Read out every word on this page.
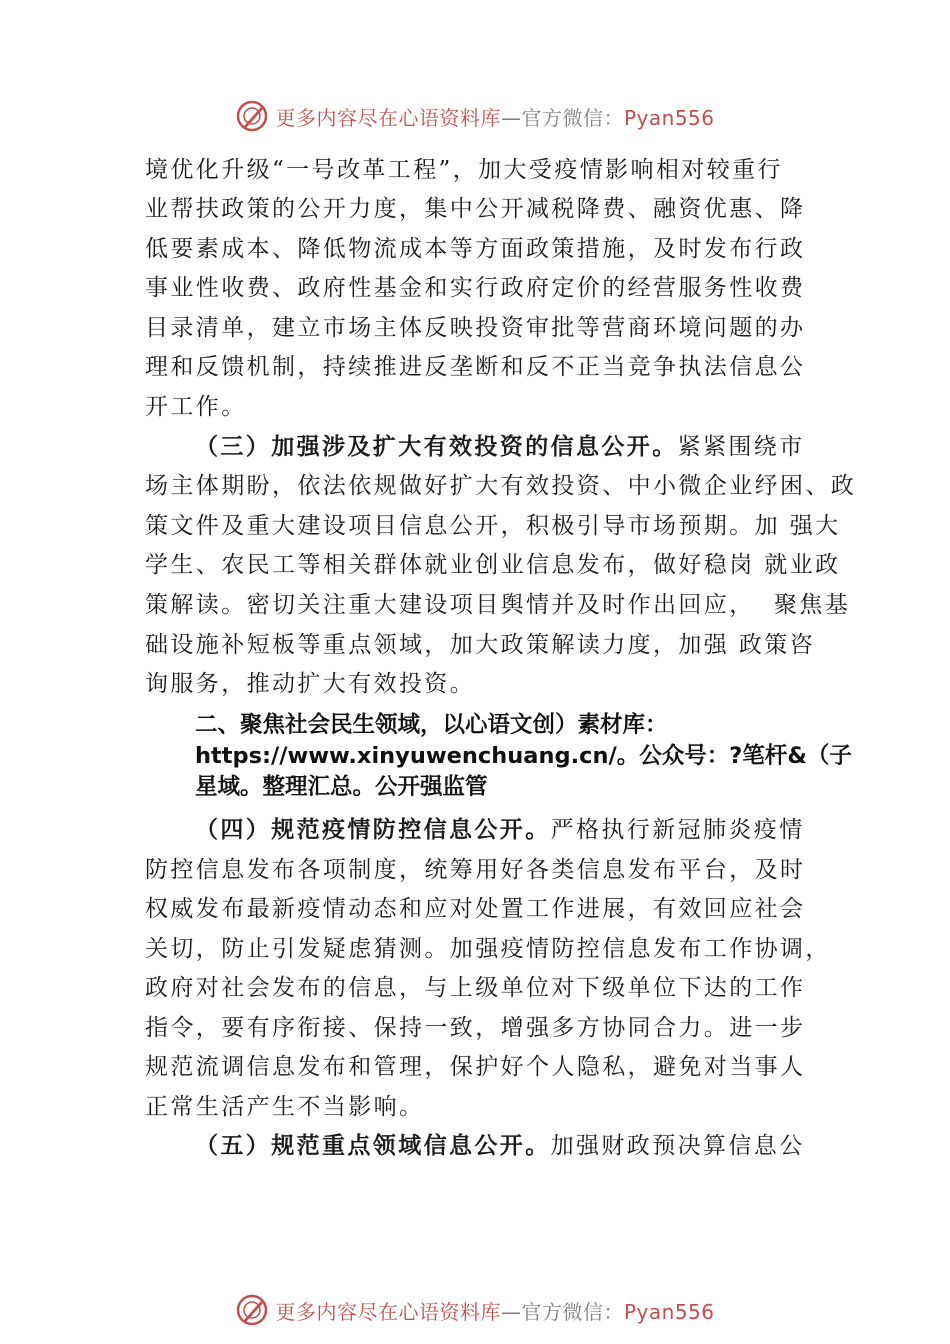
更多内容尽在心语资料库—官方微信：Pyan556
境优化升级“一号改革工程”，加大受疫情影响相对较重行
业帮扶政策的公开力度，集中公开减税降费、融资优惠、降
低要素成本、降低物流成本等方面政策措施，及时发布行政
事业性收费、政府性基金和实行政府定价的经营服务性收费
目录清单，建立市场主体反映投资审批等营商环境问题的办
理和反馈机制，持续推进反垄断和反不正当竞争执法信息公
开工作。
（三）加强涉及扩大有效投资的信息公开。紧紧围绕市
场主体期盼，依法依规做好扩大有效投资、中小微企业纾困、政
策文件及重大建设项目信息公开，积极引导市场预期。加 强大
学生、农民工等相关群体就业创业信息发布，做好稳岗 就业政
策解读。密切关注重大建设项目舆情并及时作出回应，  聚焦基
础设施补短板等重点领域，加大政策解读力度，加强 政策咨
询服务，推动扩大有效投资。
二、聚焦社会民生领域，以心语文创）素材库：
https://www.xinyuwenchuang.cn/。公众号：?笔杆&（子
星域。整理汇总。公开强监管
（四）规范疫情防控信息公开。严格执行新冠肺炎疫情
防控信息发布各项制度，统筹用好各类信息发布平台，及时
权威发布最新疫情动态和应对处置工作进展，有效回应社会
关切，防止引发疑虑猜测。加强疫情防控信息发布工作协调，
政府对社会发布的信息，与上级单位对下级单位下达的工作
指令，要有序衔接、保持一致，增强多方协同合力。进一步
规范流调信息发布和管理，保护好个人隐私，避免对当事人
正常生活产生不当影响。
（五）规范重点领域信息公开。加强财政预决算信息公
更多内容尽在心语资料库—官方微信：Pyan556
